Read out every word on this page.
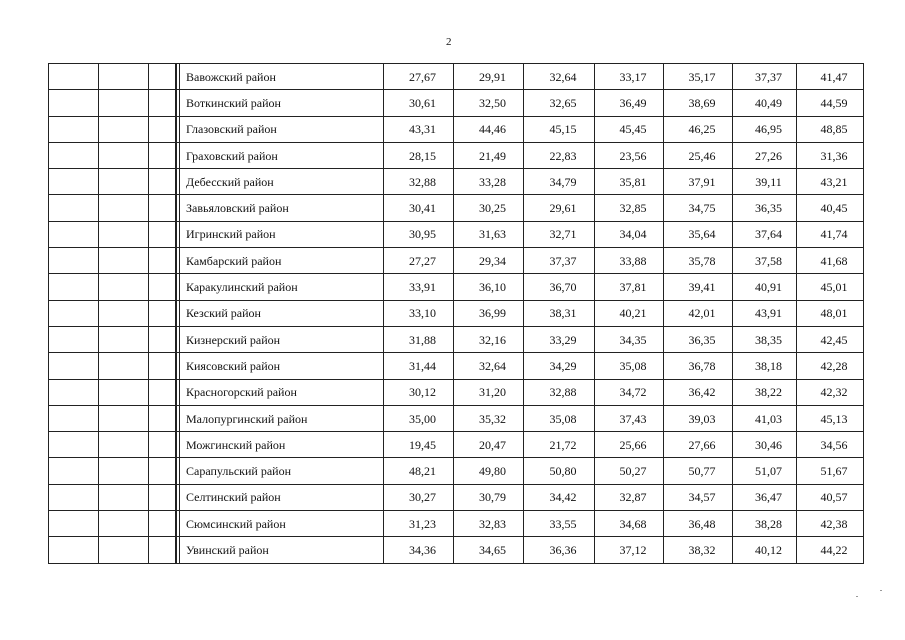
2
				Вавожский район	27,67	29,91	32,64	33,17	35,17	37,37	41,47
				Воткинский район	30,61	32,50	32,65	36,49	38,69	40,49	44,59
				Глазовский район	43,31	44,46	45,15	45,45	46,25	46,95	48,85
				Граховский район	28,15	21,49	22,83	23,56	25,46	27,26	31,36
				Дебесский район	32,88	33,28	34,79	35,81	37,91	39,11	43,21
				Завьяловский район	30,41	30,25	29,61	32,85	34,75	36,35	40,45
				Игринский район	30,95	31,63	32,71	34,04	35,64	37,64	41,74
				Камбарский район	27,27	29,34	37,37	33,88	35,78	37,58	41,68
				Каракулинский район	33,91	36,10	36,70	37,81	39,41	40,91	45,01
				Кезский район	33,10	36,99	38,31	40,21	42,01	43,91	48,01
				Кизнерский район	31,88	32,16	33,29	34,35	36,35	38,35	42,45
				Киясовский район	31,44	32,64	34,29	35,08	36,78	38,18	42,28
				Красногорский район	30,12	31,20	32,88	34,72	36,42	38,22	42,32
				Малопургинский район	35,00	35,32	35,08	37,43	39,03	41,03	45,13
				Можгинский район	19,45	20,47	21,72	25,66	27,66	30,46	34,56
				Сарапульский район	48,21	49,80	50,80	50,27	50,77	51,07	51,67
				Селтинский район	30,27	30,79	34,42	32,87	34,57	36,47	40,57
				Сюмсинский район	31,23	32,83	33,55	34,68	36,48	38,28	42,38
				Увинский район	34,36	34,65	36,36	37,12	38,32	40,12	44,22
